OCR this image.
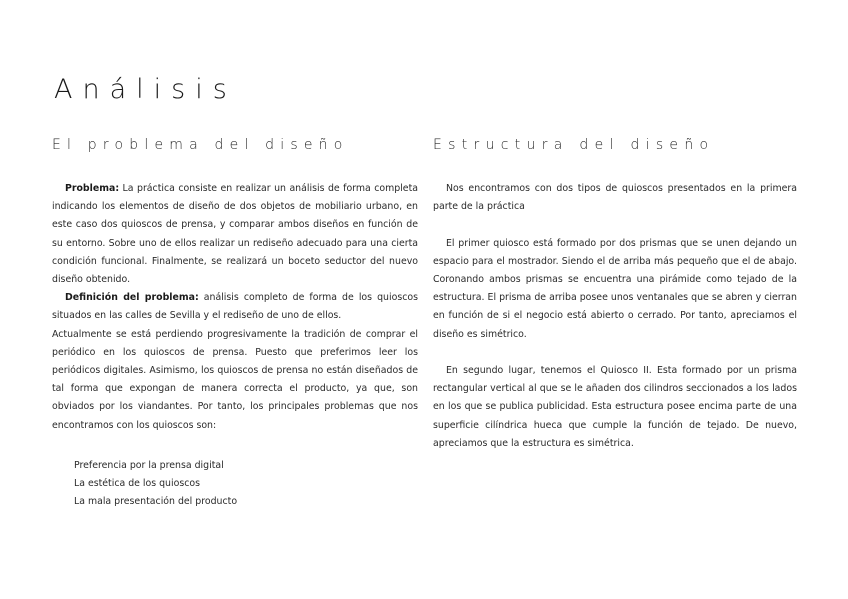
Análisis
El problema del diseño

Problema: La práctica consiste en realizar un análisis de forma completa indicando los elementos de diseño de dos objetos de mobiliario urbano, en este caso dos quioscos de prensa, y comparar ambos diseños en función de su entorno. Sobre uno de ellos realizar un rediseño adecuado para una cierta condición funcional. Finalmente, se realizará un boceto seductor del nuevo diseño obtenido.

Definición del problema: análisis completo de forma de los quioscos situados en las calles de Sevilla y el rediseño de uno de ellos.

Actualmente se está perdiendo progresivamente la tradición de comprar el periódico en los quioscos de prensa. Puesto que preferimos leer los periódicos digitales. Asimismo, los quioscos de prensa no están diseñados de tal forma que expongan de manera correcta el producto, ya que, son obviados por los viandantes. Por tanto, los principales problemas que nos encontramos con los quioscos son:

Preferencia por la prensa digital
La estética de los quioscos
La mala presentación del producto
Estructura del diseño

Nos encontramos con dos tipos de quioscos presentados en la primera parte de la práctica

El primer quiosco está formado por dos prismas que se unen dejando un espacio para el mostrador. Siendo el de arriba más pequeño que el de abajo. Coronando ambos prismas se encuentra una pirámide como tejado de la estructura. El prisma de arriba posee unos ventanales que se abren y cierran en función de si el negocio está abierto o cerrado. Por tanto, apreciamos el diseño es simétrico.

En segundo lugar, tenemos el Quiosco II. Esta formado por un prisma rectangular vertical al que se le añaden dos cilindros seccionados a los lados en los que se publica publicidad. Esta estructura posee encima parte de una superficie cilíndrica hueca que cumple la función de tejado. De nuevo, apreciamos que la estructura es simétrica.
